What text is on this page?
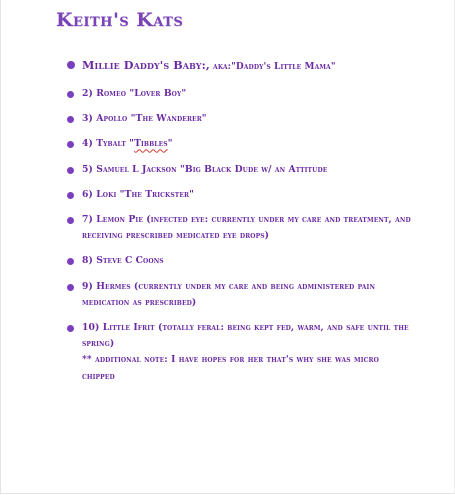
Keith's Kats
Millie Daddy's Baby:, aka:"Daddy's Little Mama"
2) Romeo "Lover Boy"
3) Apollo "The Wanderer"
4) Tybalt "Tibbles"
5) Samuel L Jackson "Big Black Dude w/ an Attitude
6) Loki "The Trickster"
7) Lemon Pie (infected eye: currently under my care and treatment, and receiving prescribed medicated eye drops)
8) Steve C Coons
9) Hermes (currently under my care and being administered pain medication as prescribed)
10) Little Ifrit (totally feral: being kept fed, warm, and safe until the spring)
** additional note: I have hopes for her that's why she was micro chipped
